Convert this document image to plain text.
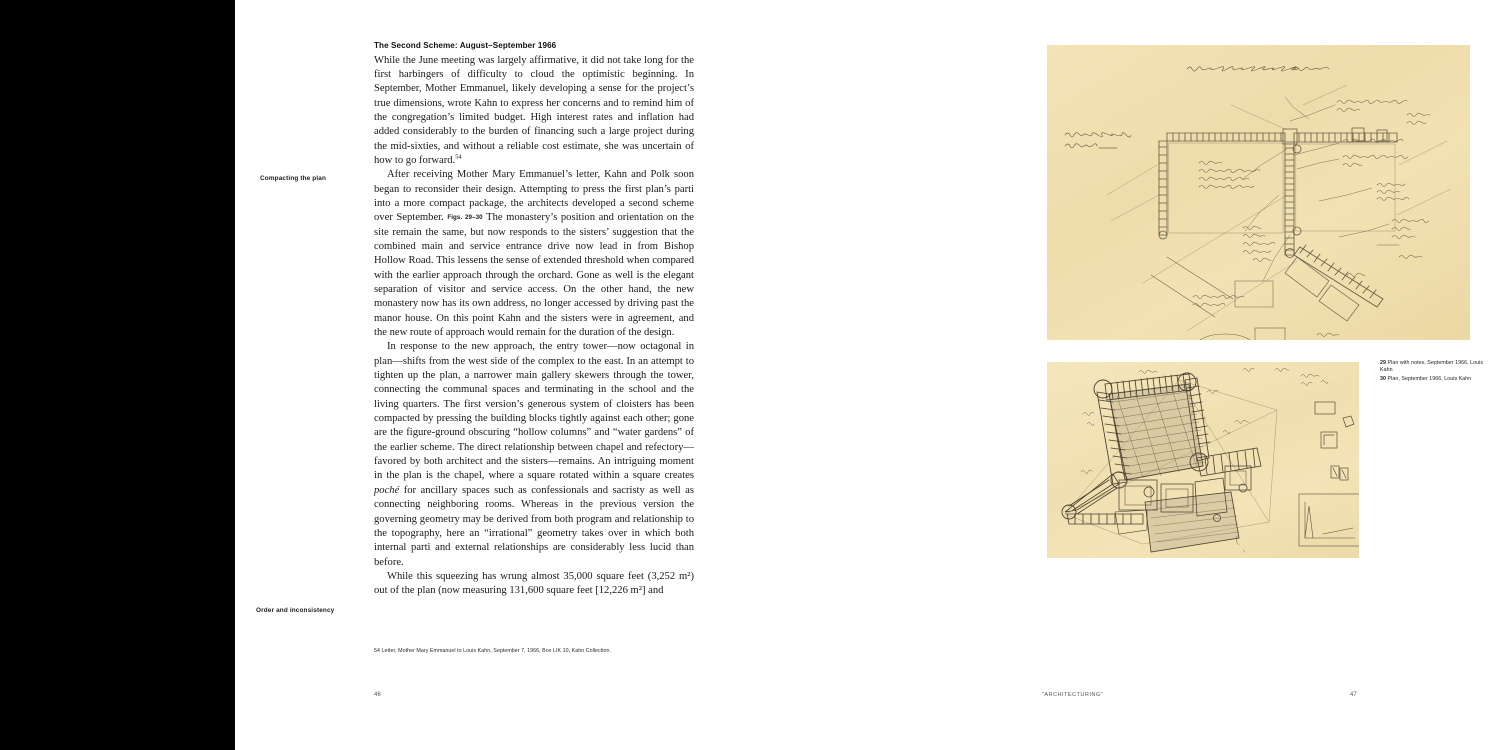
Compacting the plan
Order and inconsistency
The Second Scheme: August–September 1966

While the June meeting was largely affirmative, it did not take long for the first harbingers of difficulty to cloud the optimistic beginning. In September, Mother Emmanuel, likely developing a sense for the project’s true dimensions, wrote Kahn to express her concerns and to remind him of the congregation’s limited budget. High interest rates and inflation had added considerably to the burden of financing such a large project during the mid-sixties, and without a reliable cost estimate, she was uncertain of how to go forward.$^{54}$

After receiving Mother Mary Emmanuel’s letter, Kahn and Polk soon began to reconsider their design. Attempting to press the first plan’s parti into a more compact package, the architects developed a second scheme over September. Figs. 29–30 The monastery’s position and orientation on the site remain the same, but now responds to the sisters’ suggestion that the combined main and service entrance drive now lead in from Bishop Hollow Road. This lessens the sense of extended threshold when compared with the earlier approach through the orchard. Gone as well is the elegant separation of visitor and service access. On the other hand, the new monastery now has its own address, no longer accessed by driving past the manor house. On this point Kahn and the sisters were in agreement, and the new route of approach would remain for the duration of the design.

In response to the new approach, the entry tower—now octagonal in plan—shifts from the west side of the complex to the east. In an attempt to tighten up the plan, a narrower main gallery skewers through the tower, connecting the communal spaces and terminating in the school and the living quarters. The first version’s generous system of cloisters has been compacted by pressing the building blocks tightly against each other; gone are the figure-ground obscuring “hollow columns” and “water gardens” of the earlier scheme. The direct relationship between chapel and refectory—favored by both architect and the sisters—remains. An intriguing moment in the plan is the chapel, where a square rotated within a square creates poché for ancillary spaces such as confessionals and sacristy as well as connecting neighboring rooms. Whereas in the previous version the governing geometry may be derived from both program and relationship to the topography, here an “irrational” geometry takes over in which both internal parti and external relationships are considerably less lucid than before.

While this squeezing has wrung almost 35,000 square feet (3,252 m²) out of the plan (now measuring 131,600 square feet [12,226 m²] and

54 Letter, Mother Mary Emmanuel to Louis Kahn, September 7, 1966, Box LIK 10, Kahn Collection.
46
29 Plan with notes, September 1966, Louis Kahn
30 Plan, September 1966, Louis Kahn
“ARCHITECTURING”	47
